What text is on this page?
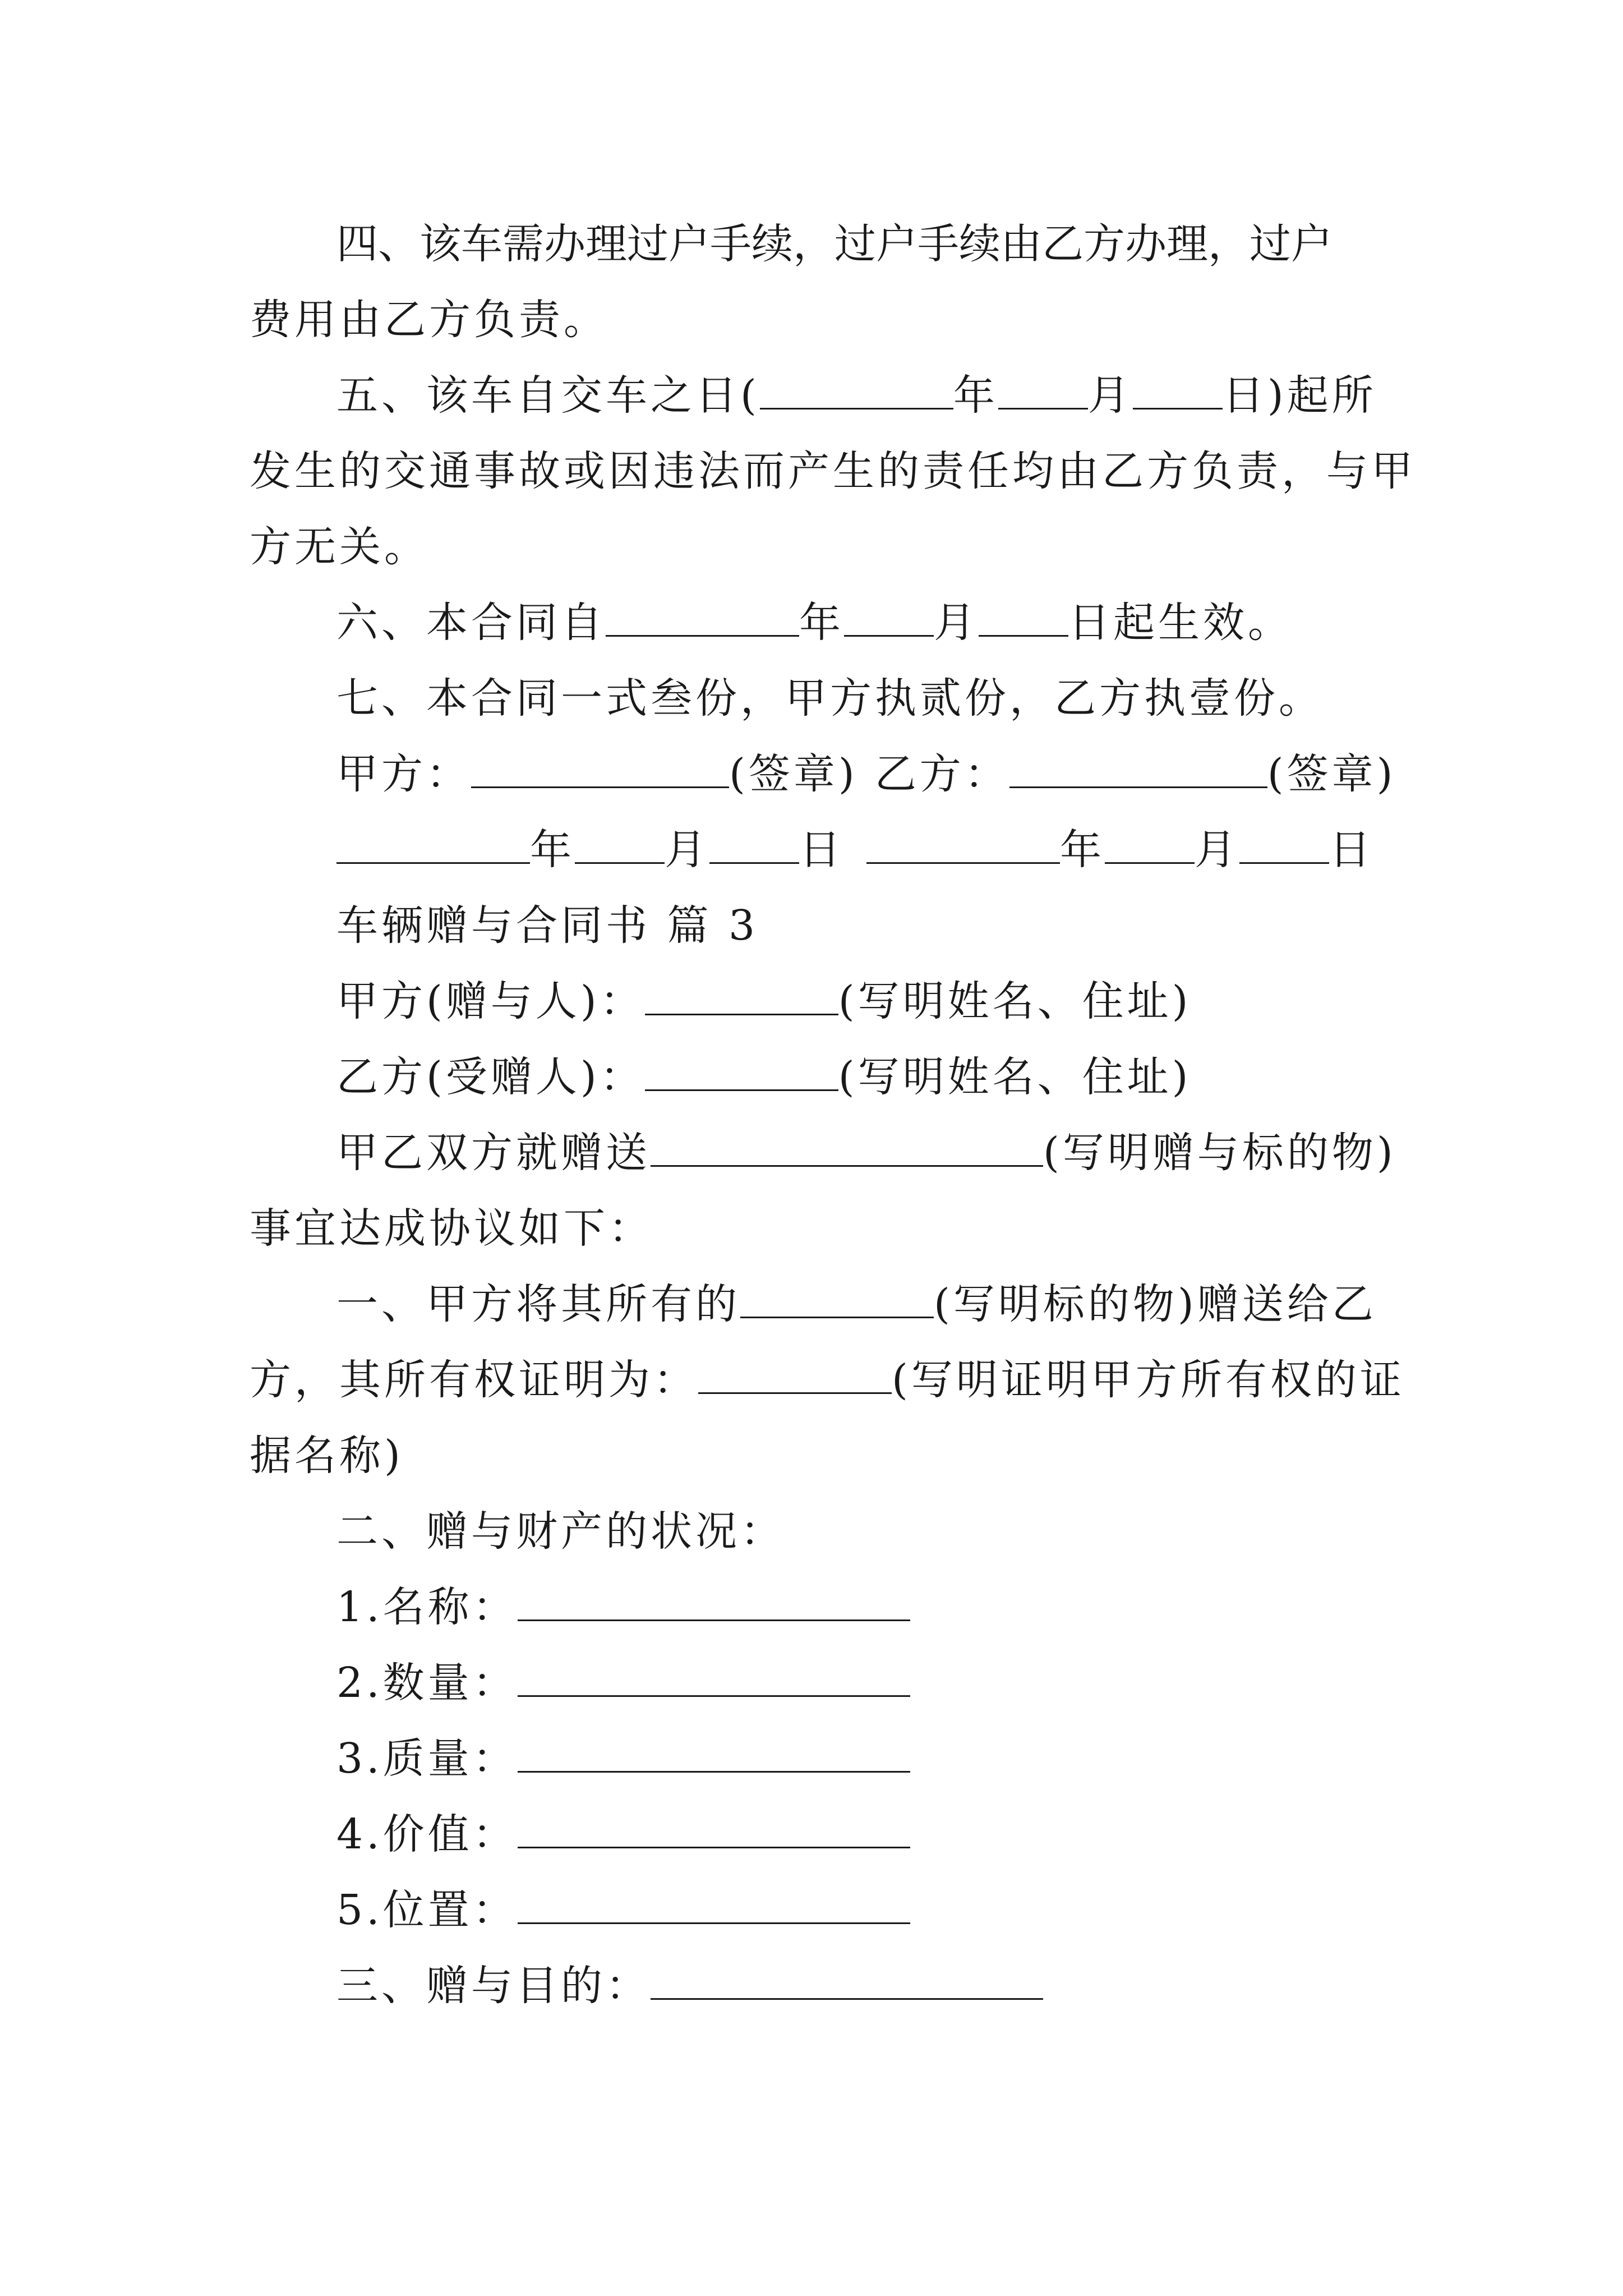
四、该车需办理过户手续，过户手续由乙方办理，过户
费用由乙方负责。
五、该车自交车之日(	年 月 日)起所
发生的交通事故或因违法而产生的责任均由乙方负责，与甲
方无关。
六、本合同自	年 月 日起生效。
七、本合同一式叁份，甲方执贰份，乙方执壹份。
甲方：	(签章) 乙方：	(签章)
年 月 日	年 月 日
车辆赠与合同书 篇 3
甲方(赠与人)：	(写明姓名、住址)
乙方(受赠人)：	(写明姓名、住址)
甲乙双方就赠送	(写明赠与标的物)
事宜达成协议如下：
一、甲方将其所有的	(写明标的物)赠送给乙
方，其所有权证明为：	(写明证明甲方所有权的证
据名称)
二、赠与财产的状况：
1.名称：
2.数量：
3.质量：
4.价值：
5.位置：
三、赠与目的：
